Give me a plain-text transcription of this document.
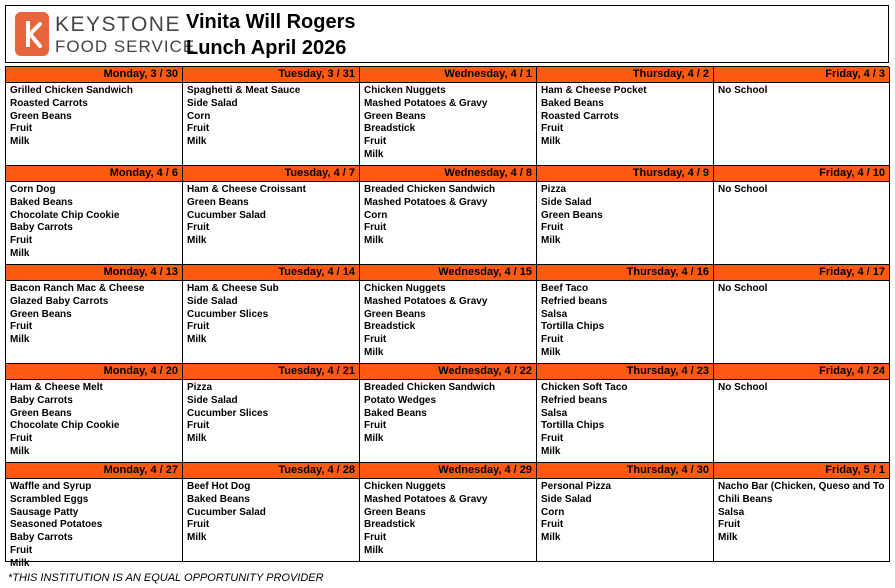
KEYSTONE
FOOD SERVICE
Vinita Will Rogers
Lunch April 2026
Monday, 3 / 30
Grilled Chicken Sandwich
Roasted Carrots
Green Beans
Fruit
Milk
Tuesday, 3 / 31
Spaghetti & Meat Sauce
Side Salad
Corn
Fruit
Milk
Wednesday, 4 / 1
Chicken Nuggets
Mashed Potatoes & Gravy
Green Beans
Breadstick
Fruit
Milk
Thursday, 4 / 2
Ham & Cheese Pocket
Baked Beans
Roasted Carrots
Fruit
Milk
Friday, 4 / 3
No School
Monday, 4 / 6
Corn Dog
Baked Beans
Chocolate Chip Cookie
Baby Carrots
Fruit
Milk
Tuesday, 4 / 7
Ham & Cheese Croissant
Green Beans
Cucumber Salad
Fruit
Milk
Wednesday, 4 / 8
Breaded Chicken Sandwich
Mashed Potatoes & Gravy
Corn
Fruit
Milk
Thursday, 4 / 9
Pizza
Side Salad
Green Beans
Fruit
Milk
Friday, 4 / 10
No School
Monday, 4 / 13
Bacon Ranch Mac & Cheese
Glazed Baby Carrots
Green Beans
Fruit
Milk
Tuesday, 4 / 14
Ham & Cheese Sub
Side Salad
Cucumber Slices
Fruit
Milk
Wednesday, 4 / 15
Chicken Nuggets
Mashed Potatoes & Gravy
Green Beans
Breadstick
Fruit
Milk
Thursday, 4 / 16
Beef Taco
Refried beans
Salsa
Tortilla Chips
Fruit
Milk
Friday, 4 / 17
No School
Monday, 4 / 20
Ham & Cheese Melt
Baby Carrots
Green Beans
Chocolate Chip Cookie
Fruit
Milk
Tuesday, 4 / 21
Pizza
Side Salad
Cucumber Slices
Fruit
Milk
Wednesday, 4 / 22
Breaded Chicken Sandwich
Potato Wedges
Baked Beans
Fruit
Milk
Thursday, 4 / 23
Chicken Soft Taco
Refried beans
Salsa
Tortilla Chips
Fruit
Milk
Friday, 4 / 24
No School
Monday, 4 / 27
Waffle and Syrup
Scrambled Eggs
Sausage Patty
Seasoned Potatoes
Baby Carrots
Fruit
Milk
Tuesday, 4 / 28
Beef Hot Dog
Baked Beans
Cucumber Salad
Fruit
Milk
Wednesday, 4 / 29
Chicken Nuggets
Mashed Potatoes & Gravy
Green Beans
Breadstick
Fruit
Milk
Thursday, 4 / 30
Personal Pizza
Side Salad
Corn
Fruit
Milk
Friday, 5 / 1
Nacho Bar (Chicken, Queso and To
Chili Beans
Salsa
Fruit
Milk
*THIS INSTITUTION IS AN EQUAL OPPORTUNITY PROVIDER
